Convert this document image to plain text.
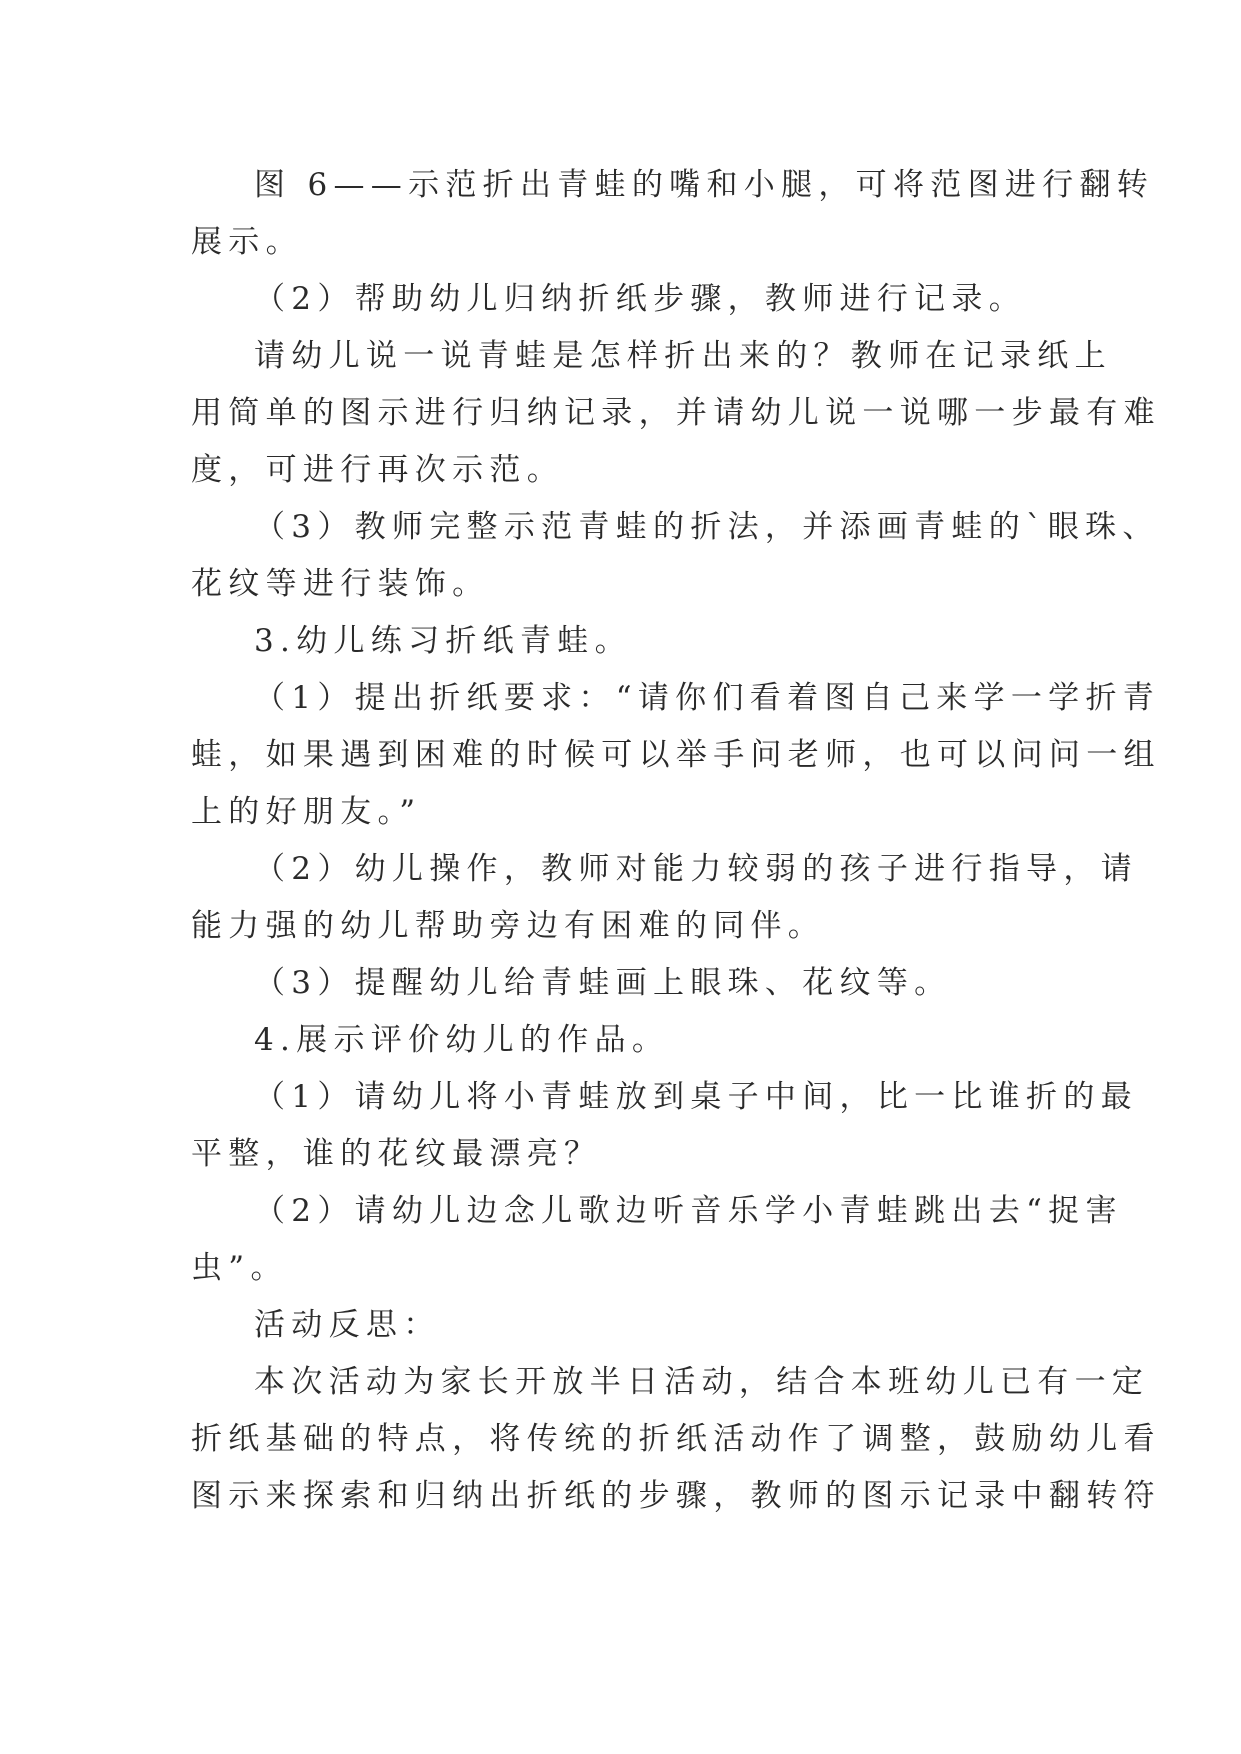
图 6——示范折出青蛙的嘴和小腿，可将范图进行翻转
展示。
（2）帮助幼儿归纳折纸步骤，教师进行记录。
请幼儿说一说青蛙是怎样折出来的？教师在记录纸上
用简单的图示进行归纳记录，并请幼儿说一说哪一步最有难
度，可进行再次示范。
（3）教师完整示范青蛙的折法，并添画青蛙的`眼珠、
花纹等进行装饰。
3.幼儿练习折纸青蛙。
（1）提出折纸要求：“请你们看着图自己来学一学折青
蛙，如果遇到困难的时候可以举手问老师，也可以问问一组
上的好朋友。”
（2）幼儿操作，教师对能力较弱的孩子进行指导，请
能力强的幼儿帮助旁边有困难的同伴。
（3）提醒幼儿给青蛙画上眼珠、花纹等。
4.展示评价幼儿的作品。
（1）请幼儿将小青蛙放到桌子中间，比一比谁折的最
平整，谁的花纹最漂亮？
（2）请幼儿边念儿歌边听音乐学小青蛙跳出去“捉害
虫”。
活动反思：
本次活动为家长开放半日活动，结合本班幼儿已有一定
折纸基础的特点，将传统的折纸活动作了调整，鼓励幼儿看
图示来探索和归纳出折纸的步骤，教师的图示记录中翻转符
